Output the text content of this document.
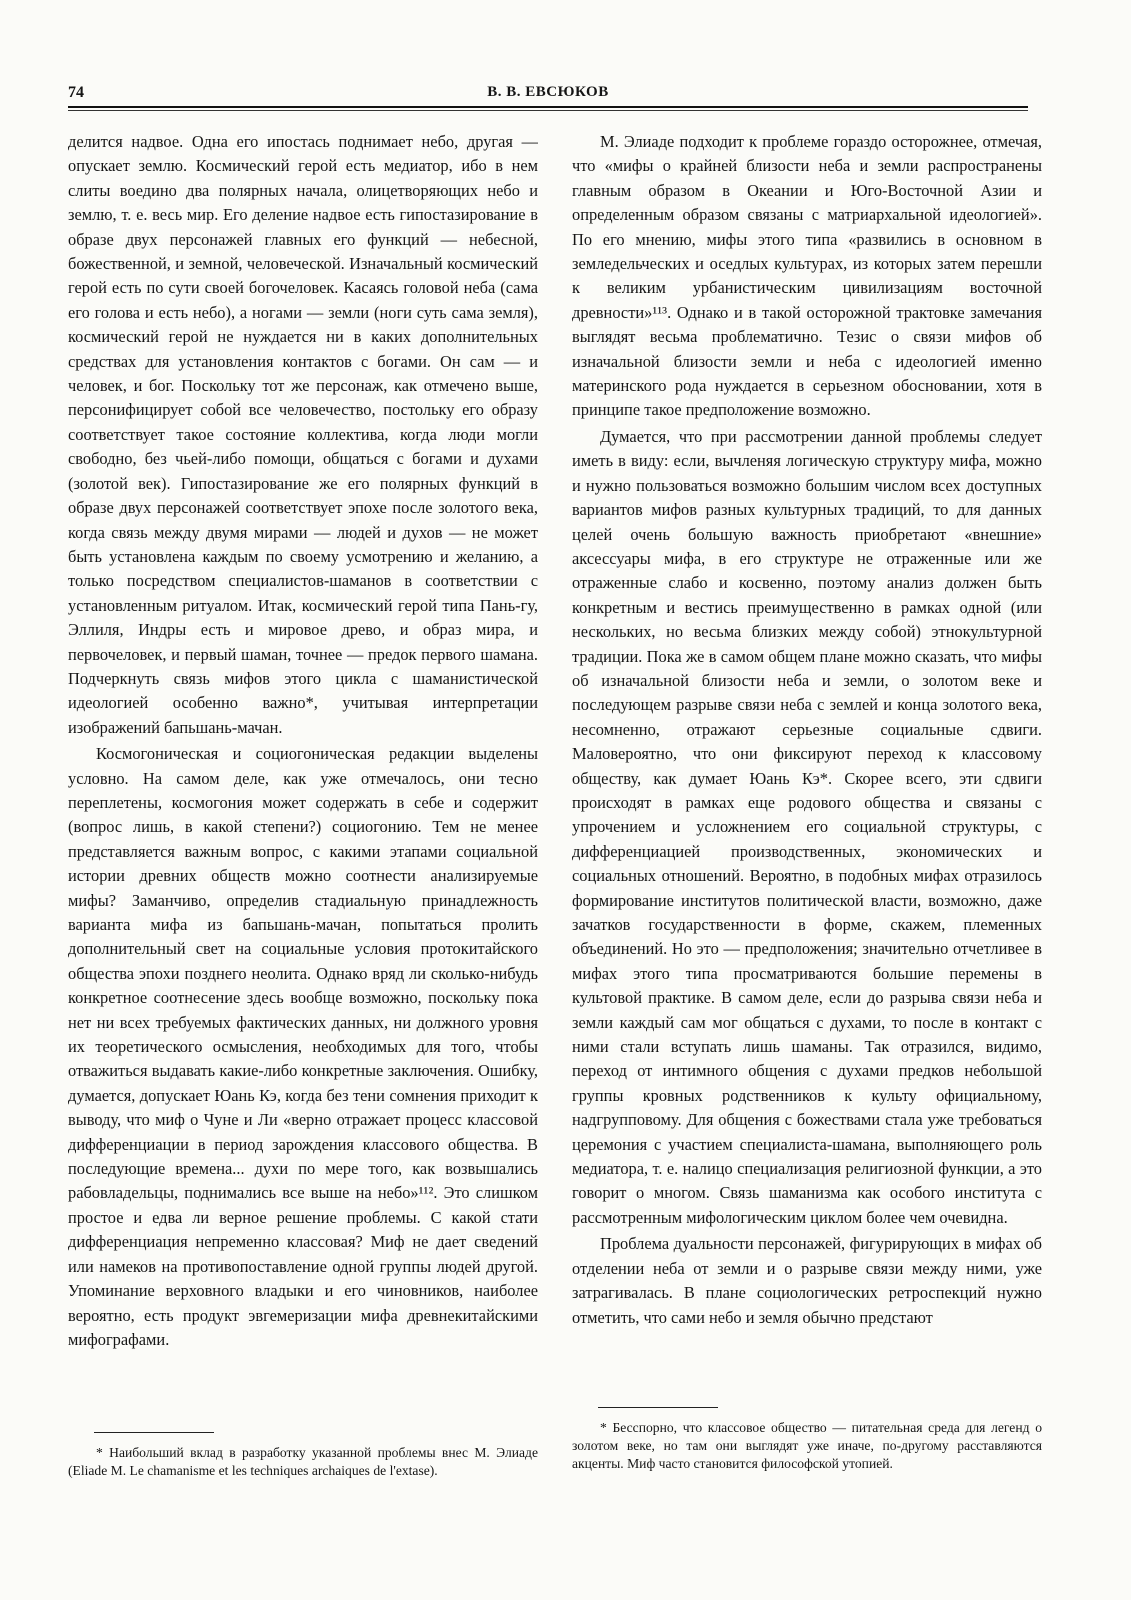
74	В. В. ЕВСЮКОВ

делится надвое. Одна его ипостась поднимает небо, другая — опускает землю. Космический герой есть медиатор, ибо в нем слиты воедино два полярных начала, олицетворяющих небо и землю, т. е. весь мир. Его деление надвое есть гипостазирование в образе двух персонажей главных его функций — небесной, божественной, и земной, человеческой. Изначальный космический герой есть по сути своей богочеловек. Касаясь головой неба (сама его голова и есть небо), а ногами — земли (ноги суть сама земля), космический герой не нуждается ни в каких дополнительных средствах для установления контактов с богами. Он сам — и человек, и бог. Поскольку тот же персонаж, как отмечено выше, персонифицирует собой все человечество, постольку его образу соответствует такое состояние коллектива, когда люди могли свободно, без чьей-либо помощи, общаться с богами и духами (золотой век). Гипостазирование же его полярных функций в образе двух персонажей соответствует эпохе после золотого века, когда связь между двумя мирами — людей и духов — не может быть установлена каждым по своему усмотрению и желанию, а только посредством специалистов-шаманов в соответствии с установленным ритуалом. Итак, космический герой типа Пань-гу, Эллиля, Индры есть и мировое древо, и образ мира, и первочеловек, и первый шаман, точнее — предок первого шамана. Подчеркнуть связь мифов этого цикла с шаманистической идеологией особенно важно*, учитывая интерпретации изображений бапьшань-мачан.

Космогоническая и социогоническая редакции выделены условно. На самом деле, как уже отмечалось, они тесно переплетены, космогония может содержать в себе и содержит (вопрос лишь, в какой степени?) социогонию. Тем не менее представляется важным вопрос, с какими этапами социальной истории древних обществ можно соотнести анализируемые мифы? Заманчиво, определив стадиальную принадлежность варианта мифа из бапьшань-мачан, попытаться пролить дополнительный свет на социальные условия протокитайского общества эпохи позднего неолита. Однако вряд ли сколько-нибудь конкретное соотнесение здесь вообще возможно, поскольку пока нет ни всех требуемых фактических данных, ни должного уровня их теоретического осмысления, необходимых для того, чтобы отважиться выдавать какие-либо конкретные заключения. Ошибку, думается, допускает Юань Кэ, когда без тени сомнения приходит к выводу, что миф о Чуне и Ли «верно отражает процесс классовой дифференциации в период зарождения классового общества. В последующие времена... духи по мере того, как возвышались рабовладельцы, поднимались все выше на небо»¹¹². Это слишком простое и едва ли верное решение проблемы. С какой стати дифференциация непременно классовая? Миф не дает сведений или намеков на противопоставление одной группы людей другой. Упоминание верховного владыки и его чиновников, наиболее вероятно, есть продукт эвгемеризации мифа древнекитайскими мифографами.

М. Элиаде подходит к проблеме гораздо осторожнее, отмечая, что «мифы о крайней близости неба и земли распространены главным образом в Океании и Юго-Восточной Азии и определенным образом связаны с матриархальной идеологией». По его мнению, мифы этого типа «развились в основном в земледельческих и оседлых культурах, из которых затем перешли к великим урбанистическим цивилизациям восточной древности»¹¹³. Однако и в такой осторожной трактовке замечания выглядят весьма проблематично. Тезис о связи мифов об изначальной близости земли и неба с идеологией именно материнского рода нуждается в серьезном обосновании, хотя в принципе такое предположение возможно.

Думается, что при рассмотрении данной проблемы следует иметь в виду: если, вычленяя логическую структуру мифа, можно и нужно пользоваться возможно большим числом всех доступных вариантов мифов разных культурных традиций, то для данных целей очень большую важность приобретают «внешние» аксессуары мифа, в его структуре не отраженные или же отраженные слабо и косвенно, поэтому анализ должен быть конкретным и вестись преимущественно в рамках одной (или нескольких, но весьма близких между собой) этнокультурной традиции. Пока же в самом общем плане можно сказать, что мифы об изначальной близости неба и земли, о золотом веке и последующем разрыве связи неба с землей и конца золотого века, несомненно, отражают серьезные социальные сдвиги. Маловероятно, что они фиксируют переход к классовому обществу, как думает Юань Кэ*. Скорее всего, эти сдвиги происходят в рамках еще родового общества и связаны с упрочением и усложнением его социальной структуры, с дифференциацией производственных, экономических и социальных отношений. Вероятно, в подобных мифах отразилось формирование институтов политической власти, возможно, даже зачатков государственности в форме, скажем, племенных объединений. Но это — предположения; значительно отчетливее в мифах этого типа просматриваются большие перемены в культовой практике. В самом деле, если до разрыва связи неба и земли каждый сам мог общаться с духами, то после в контакт с ними стали вступать лишь шаманы. Так отразился, видимо, переход от интимного общения с духами предков небольшой группы кровных родственников к культу официальному, надгрупповому. Для общения с божествами стала уже требоваться церемония с участием специалиста-шамана, выполняющего роль медиатора, т. е. налицо специализация религиозной функции, а это говорит о многом. Связь шаманизма как особого института с рассмотренным мифологическим циклом более чем очевидна.

Проблема дуальности персонажей, фигурирующих в мифах об отделении неба от земли и о разрыве связи между ними, уже затрагивалась. В плане социологических ретроспекций нужно отметить, что сами небо и земля обычно предстают

* Наибольший вклад в разработку указанной проблемы внес М. Элиаде (Eliade M. Le chamanisme et les techniques archaiques de l'extase).
* Бесспорно, что классовое общество — питательная среда для легенд о золотом веке, но там они выглядят уже иначе, по-другому расставляются акценты. Миф часто становится философской утопией.
